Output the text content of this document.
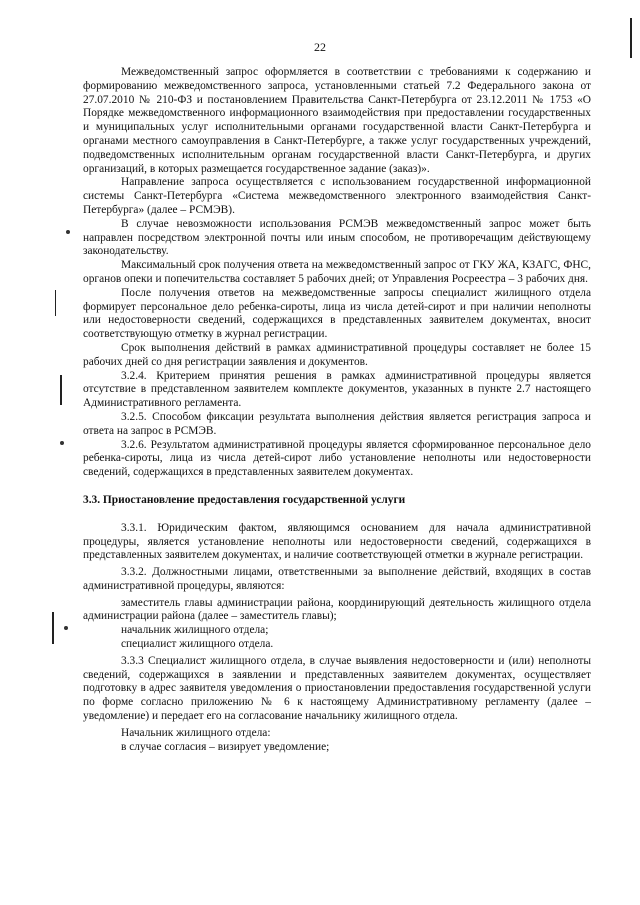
22

Межведомственный запрос оформляется в соответствии с требованиями к содержанию и формированию межведомственного запроса, установленными статьей 7.2 Федерального закона от 27.07.2010 № 210-ФЗ и постановлением Правительства Санкт-Петербурга от 23.12.2011 № 1753 «О Порядке межведомственного информационного взаимодействия при предоставлении государственных и муниципальных услуг исполнительными органами государственной власти Санкт-Петербурга и органами местного самоуправления в Санкт-Петербурге, а также услуг государственных учреждений, подведомственных исполнительным органам государственной власти Санкт-Петербурга, и других организаций, в которых размещается государственное задание (заказ)».

Направление запроса осуществляется с использованием государственной информационной системы Санкт-Петербурга «Система межведомственного электронного взаимодействия Санкт-Петербурга» (далее – РСМЭВ).

В случае невозможности использования РСМЭВ межведомственный запрос может быть направлен посредством электронной почты или иным способом, не противоречащим действующему законодательству.

Максимальный срок получения ответа на межведомственный запрос от ГКУ ЖА, КЗАГС, ФНС, органов опеки и попечительства составляет 5 рабочих дней; от Управления Росреестра – 3 рабочих дня.

После получения ответов на межведомственные запросы специалист жилищного отдела формирует персональное дело ребенка-сироты, лица из числа детей-сирот и при наличии неполноты или недостоверности сведений, содержащихся в представленных заявителем документах, вносит соответствующую отметку в журнал регистрации.

Срок выполнения действий в рамках административной процедуры составляет не более 15 рабочих дней со дня регистрации заявления и документов.

3.2.4. Критерием принятия решения в рамках административной процедуры является отсутствие в представленном заявителем комплекте документов, указанных в пункте 2.7 настоящего Административного регламента.

3.2.5. Способом фиксации результата выполнения действия является регистрация запроса и ответа на запрос в РСМЭВ.

3.2.6. Результатом административной процедуры является сформированное персональное дело ребенка-сироты, лица из числа детей-сирот либо установление неполноты или недостоверности сведений, содержащихся в представленных заявителем документах.

3.3. Приостановление предоставления государственной услуги

3.3.1. Юридическим фактом, являющимся основанием для начала административной процедуры, является установление неполноты или недостоверности сведений, содержащихся в представленных заявителем документах, и наличие соответствующей отметки в журнале регистрации.

3.3.2. Должностными лицами, ответственными за выполнение действий, входящих в состав административной процедуры, являются:

заместитель главы администрации района, координирующий деятельность жилищного отдела администрации района (далее – заместитель главы);

начальник жилищного отдела;

специалист жилищного отдела.

3.3.3 Специалист жилищного отдела, в случае выявления недостоверности и (или) неполноты сведений, содержащихся в заявлении и представленных заявителем документах, осуществляет подготовку в адрес заявителя уведомления о приостановлении предоставления государственной услуги по форме согласно приложению № 6 к настоящему Административному регламенту (далее – уведомление) и передает его на согласование начальнику жилищного отдела.

Начальник жилищного отдела:

в случае согласия – визирует уведомление;
